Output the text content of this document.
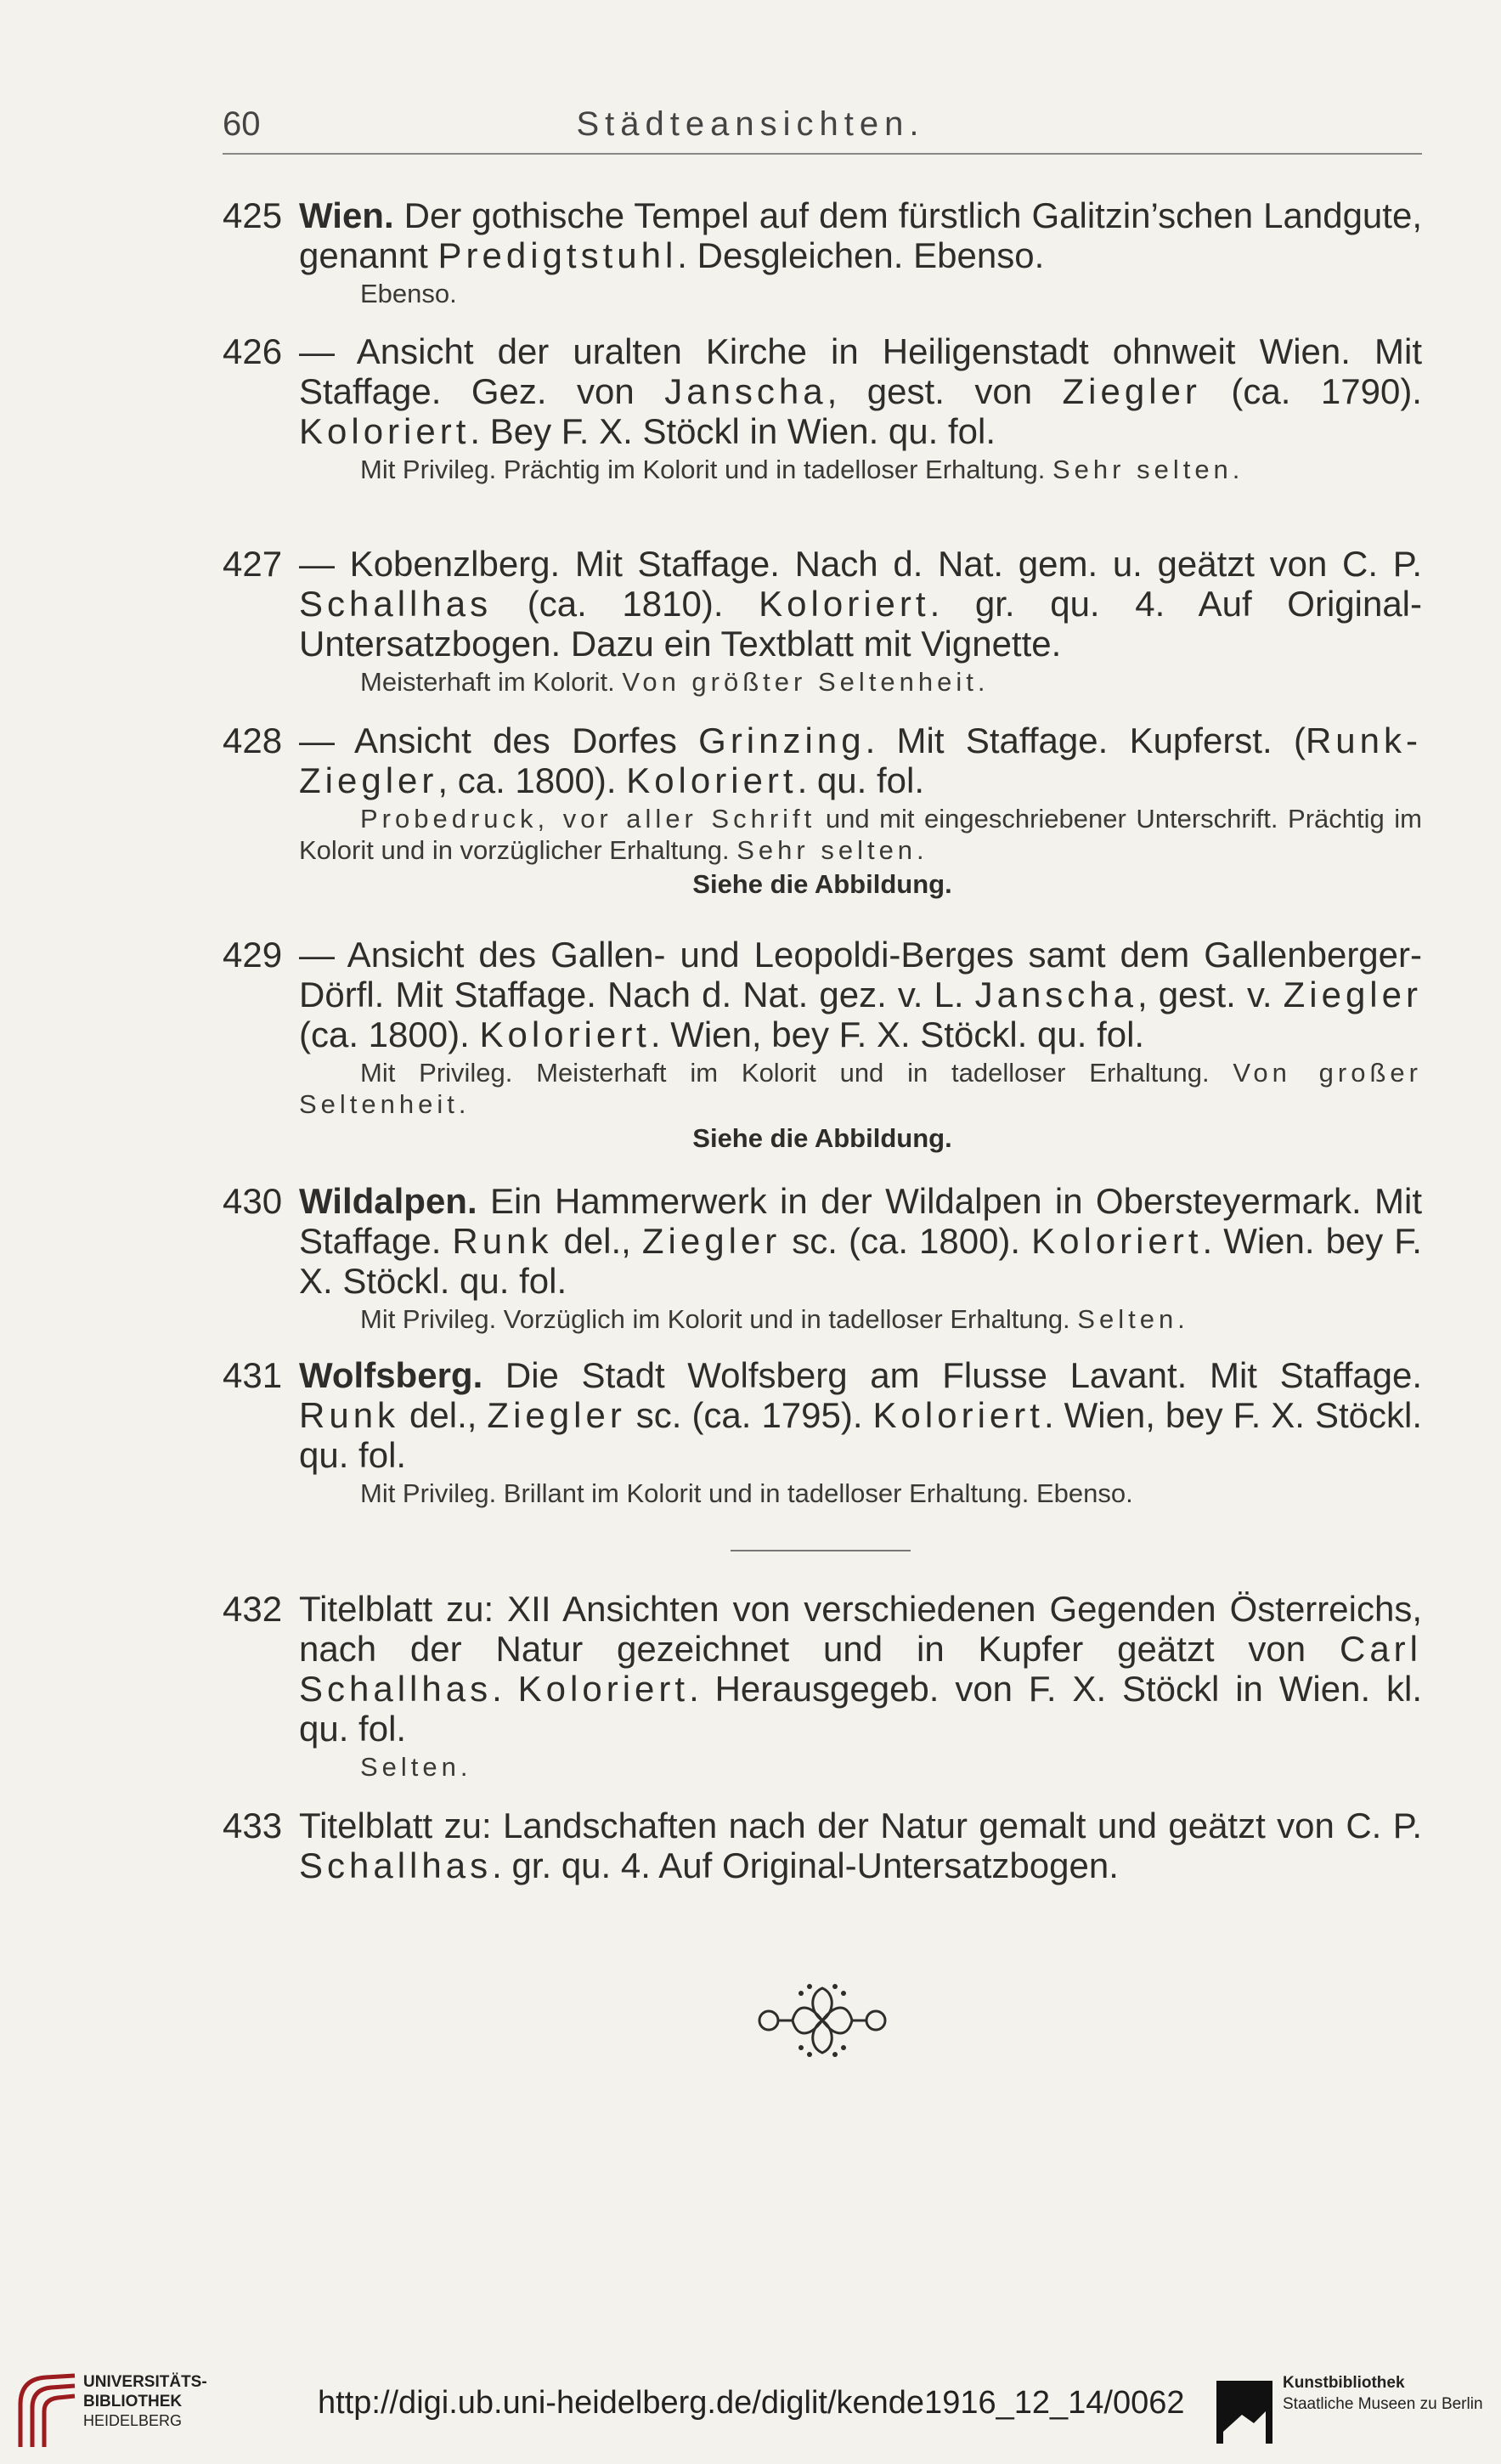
60	Städteansichten.
425 Wien. Der gothische Tempel auf dem fürstlich Galitzin’schen Landgute, genannt Predigtstuhl. Desgleichen. Ebenso.
Ebenso.
426 — Ansicht der uralten Kirche in Heiligenstadt ohnweit Wien. Mit Staffage. Gez. von Janscha, gest. von Ziegler (ca. 1790). Koloriert. Bey F. X. Stöckl in Wien. qu. fol.
Mit Privileg. Prächtig im Kolorit und in tadelloser Erhaltung. Sehr selten.
427 — Kobenzlberg. Mit Staffage. Nach d. Nat. gem. u. geätzt von C. P. Schallhas (ca. 1810). Koloriert. gr. qu. 4. Auf Original-Untersatzbogen. Dazu ein Textblatt mit Vignette.
Meisterhaft im Kolorit. Von größter Seltenheit.
428 — Ansicht des Dorfes Grinzing. Mit Staffage. Kupferst. (Runk-Ziegler, ca. 1800). Koloriert. qu. fol.
Probedruck, vor aller Schrift und mit eingeschriebener Unterschrift. Prächtig im Kolorit und in vorzüglicher Erhaltung. Sehr selten.
Siehe die Abbildung.
429 — Ansicht des Gallen- und Leopoldi-Berges samt dem Gallenberger-Dörfl. Mit Staffage. Nach d. Nat. gez. v. L. Janscha, gest. v. Ziegler (ca. 1800). Koloriert. Wien, bey F. X. Stöckl. qu. fol.
Mit Privileg. Meisterhaft im Kolorit und in tadelloser Erhaltung. Von großer Seltenheit.
Siehe die Abbildung.
430 Wildalpen. Ein Hammerwerk in der Wildalpen in Obersteyermark. Mit Staffage. Runk del., Ziegler sc. (ca. 1800). Koloriert. Wien. bey F. X. Stöckl. qu. fol.
Mit Privileg. Vorzüglich im Kolorit und in tadelloser Erhaltung. Selten.
431 Wolfsberg. Die Stadt Wolfsberg am Flusse Lavant. Mit Staffage. Runk del., Ziegler sc. (ca. 1795). Koloriert. Wien, bey F. X. Stöckl. qu. fol.
Mit Privileg. Brillant im Kolorit und in tadelloser Erhaltung. Ebenso.
432 Titelblatt zu: XII Ansichten von verschiedenen Gegenden Österreichs, nach der Natur gezeichnet und in Kupfer geätzt von Carl Schallhas. Koloriert. Herausgegeb. von F. X. Stöckl in Wien. kl. qu. fol.
Selten.
433 Titelblatt zu: Landschaften nach der Natur gemalt und geätzt von C. P. Schallhas. gr. qu. 4. Auf Original-Untersatzbogen.
UNIVERSITÄTS-
BIBLIOTHEK
HEIDELBERG	http://digi.ub.uni-heidelberg.de/diglit/kende1916_12_14/0062
Kunstbibliothek
Staatliche Museen zu Berlin
